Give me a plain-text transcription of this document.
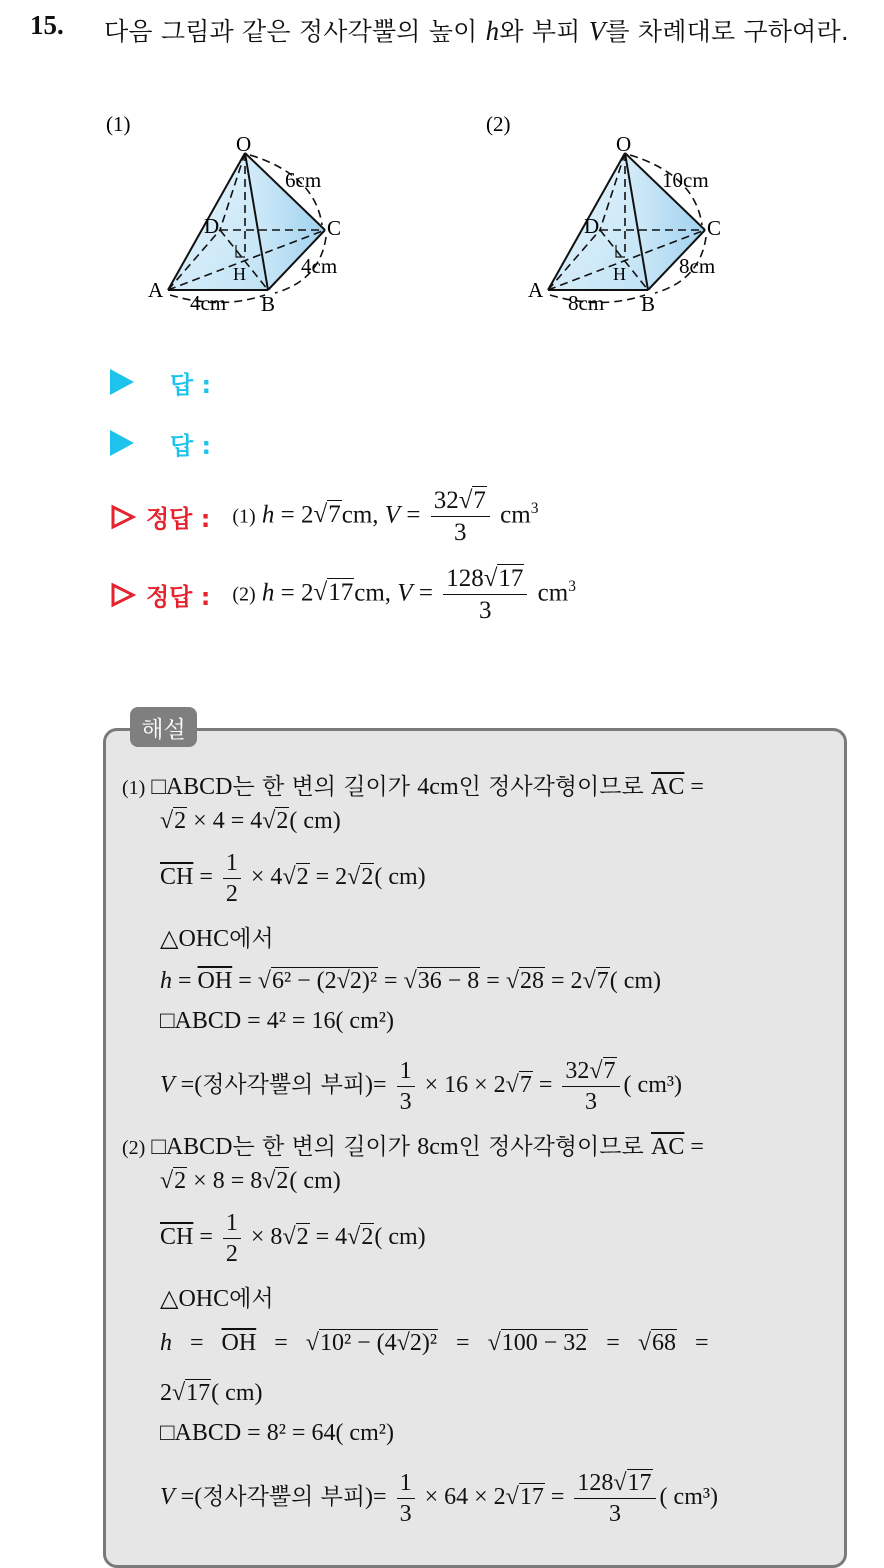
15. 다음 그림과 같은 정사각뿔의 높이 h와 부피 V를 차례대로 구하여라.
(1)
O
A
B
C
D
H
6cm
4cm
4cm
(2)
O
A
B
C
D
H
10cm
8cm
8cm
답 :
답 :
정답 : (1) h = 2√7cm, $V = \frac{32√7}{3} cm^3$
정답 : (2) h = 2√17cm, $V = \frac{128√17}{3} cm^3$
해설
(1) □ABCD는 한 변의 길이가 4cm인 정사각형이므로 $\overline{AC}$ =
√2 × 4 = 4√2( cm)
$\overline{CH} = \frac{1}{2} \times 4√2 = 2√2$( cm)
△OHC에서
$h = \overline{OH} = √6^2 - (2√2)^2 = √36 - 8 = √28 = 2√7$( cm)
□ABCD = 4² = 16( cm²)
V =(정사각뿔의 부피)= $\frac{1}{3} \times 16 \times 2√7 = \frac{32√7}{3}$ ( cm³)
(2) □ABCD는 한 변의 길이가 8cm인 정사각형이므로 $\overline{AC}$ =
√2 × 8 = 8√2( cm)
$\overline{CH} = \frac{1}{2} \times 8√2 = 4√2$( cm)
△OHC에서
$h = \overline{OH} = √10^2 - (4√2)^2 = √100 - 32 = √68$   =
2√17( cm)
□ABCD = 8² = 64( cm²)
V =(정사각뿔의 부피)= $\frac{1}{3} \times 64 \times 2√17 = \frac{128√17}{3}$ ( cm³)
